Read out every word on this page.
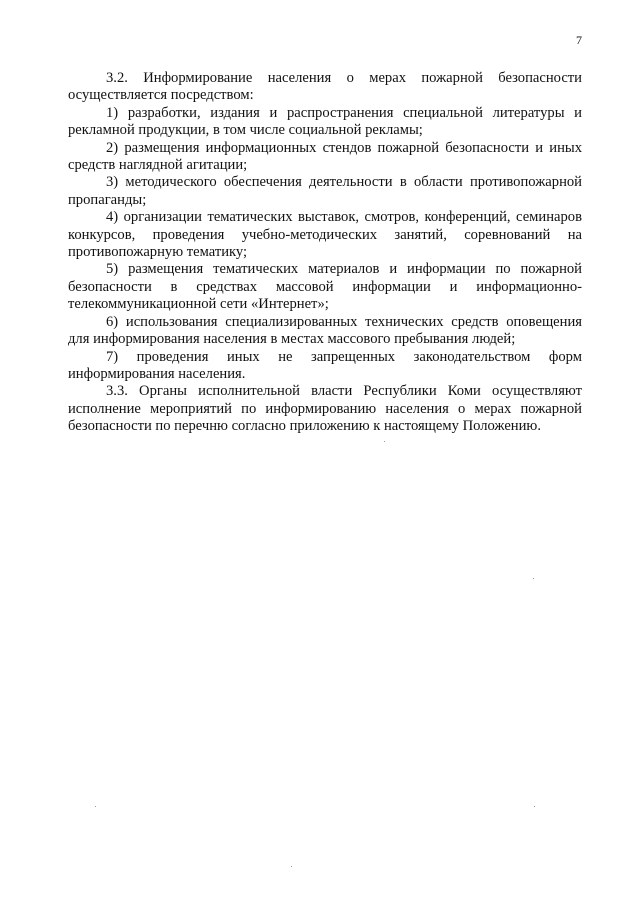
7

3.2. Информирование населения о мерах пожарной безопасности осуществляется посредством:

1) разработки, издания и распространения специальной литературы и рекламной продукции, в том числе социальной рекламы;

2) размещения информационных стендов пожарной безопасности и иных средств наглядной агитации;

3) методического обеспечения деятельности в области противопожарной пропаганды;

4) организации тематических выставок, смотров, конференций, семинаров конкурсов, проведения учебно-методических занятий, соревнований на противопожарную тематику;

5) размещения тематических материалов и информации по пожарной безопасности в средствах массовой информации и информационно-телекоммуникационной сети «Интернет»;

6) использования специализированных технических средств оповещения для информирования населения в местах массового пребывания людей;

7) проведения иных не запрещенных законодательством форм информирования населения.

3.3. Органы исполнительной власти Республики Коми осуществляют исполнение мероприятий по информированию населения о мерах пожарной безопасности по перечню согласно приложению к настоящему Положению.
